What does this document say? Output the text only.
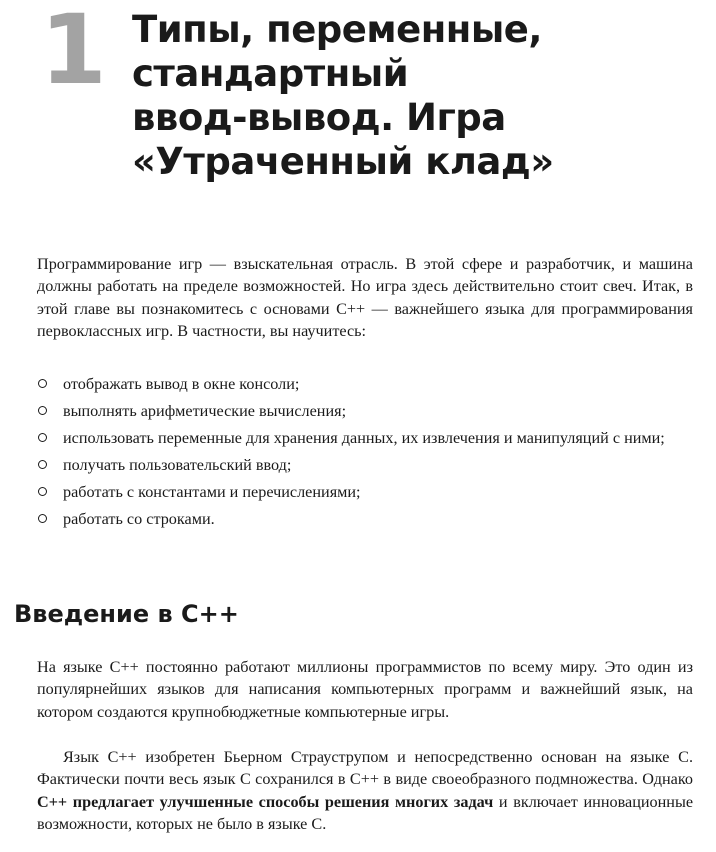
1 Типы, переменные,
стандартный
ввод-вывод. Игра
«Утраченный клад»

Программирование игр — взыскательная отрасль. В этой сфере и разработчик, и машина должны работать на пределе возможностей. Но игра здесь действительно стоит свеч. Итак, в этой главе вы познакомитесь с основами C++ — важнейшего языка для программирования первоклассных игр. В частности, вы научитесь:

отображать вывод в окне консоли;
выполнять арифметические вычисления;
использовать переменные для хранения данных, их извлечения и манипуляций с ними;
получать пользовательский ввод;
работать с константами и перечислениями;
работать со строками.
Введение в C++

На языке C++ постоянно работают миллионы программистов по всему миру. Это один из популярнейших языков для написания компьютерных программ и важнейший язык, на котором создаются крупнобюджетные компьютерные игры.

Язык C++ изобретен Бьерном Страуструпом и непосредственно основан на языке C. Фактически почти весь язык C сохранился в C++ в виде своеобразного подмножества. Однако C++ предлагает улучшенные способы решения многих задач и включает инновационные возможности, которых не было в языке C.
